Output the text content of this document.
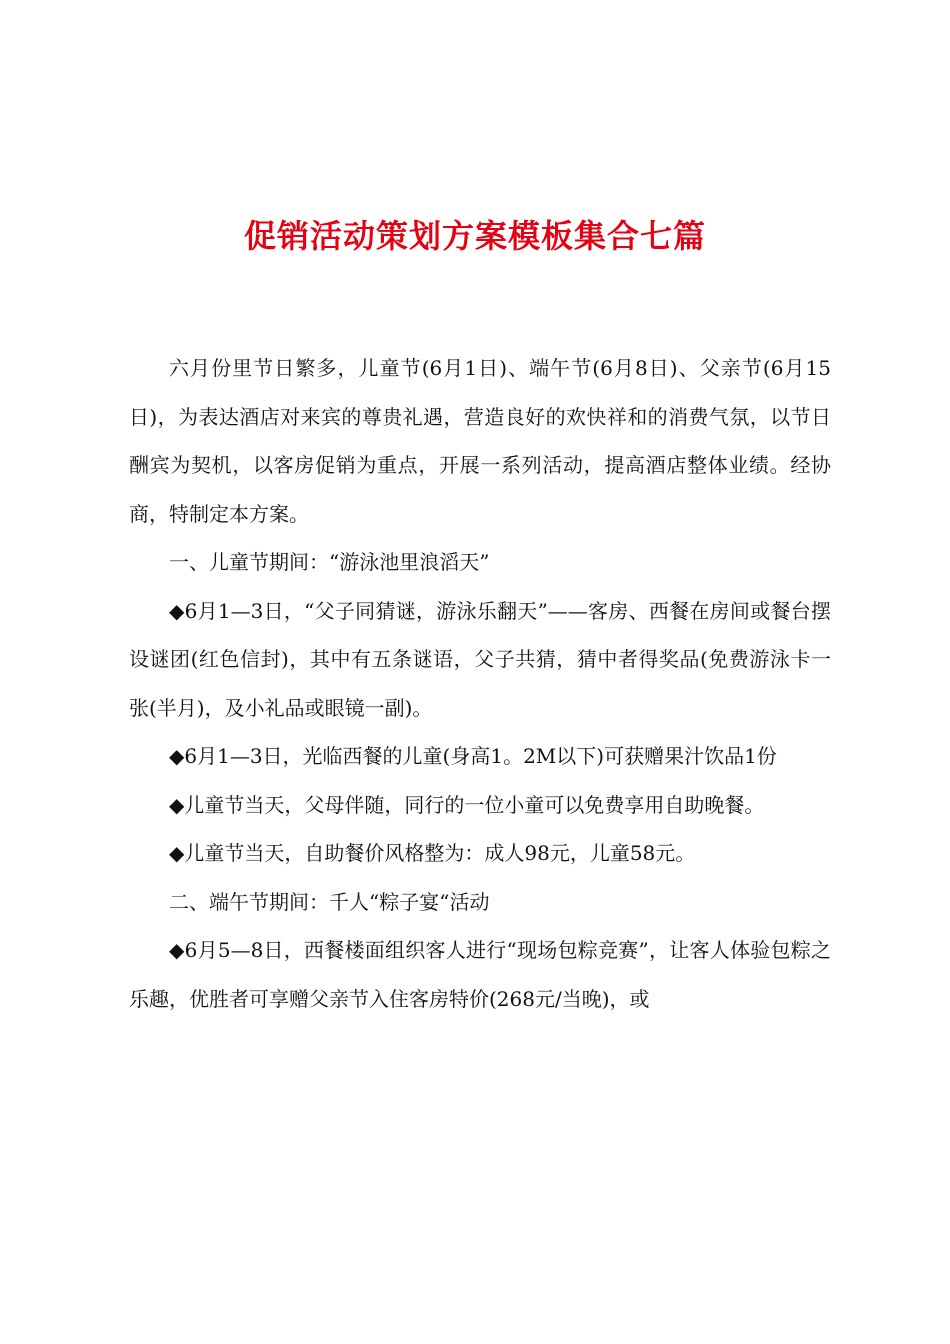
促销活动策划方案模板集合七篇

六月份里节日繁多，儿童节(6月1日)、端午节(6月8日)、父亲节(6月15日)，为表达酒店对来宾的尊贵礼遇，营造良好的欢快祥和的消费气氛，以节日酬宾为契机，以客房促销为重点，开展一系列活动，提高酒店整体业绩。经协商，特制定本方案。

一、儿童节期间：“游泳池里浪滔天”

◆6月1—3日，“父子同猜谜，游泳乐翻天”——客房、西餐在房间或餐台摆设谜团(红色信封)，其中有五条谜语，父子共猜，猜中者得奖品(免费游泳卡一张(半月)，及小礼品或眼镜一副)。

◆6月1—3日，光临西餐的儿童(身高1。2M以下)可获赠果汁饮品1份

◆儿童节当天，父母伴随，同行的一位小童可以免费享用自助晚餐。

◆儿童节当天，自助餐价风格整为：成人98元，儿童58元。

二、端午节期间：千人“粽子宴“活动

◆6月5—8日，西餐楼面组织客人进行“现场包粽竞赛”，让客人体验包粽之乐趣，优胜者可享赠父亲节入住客房特价(268元/当晚)，或
